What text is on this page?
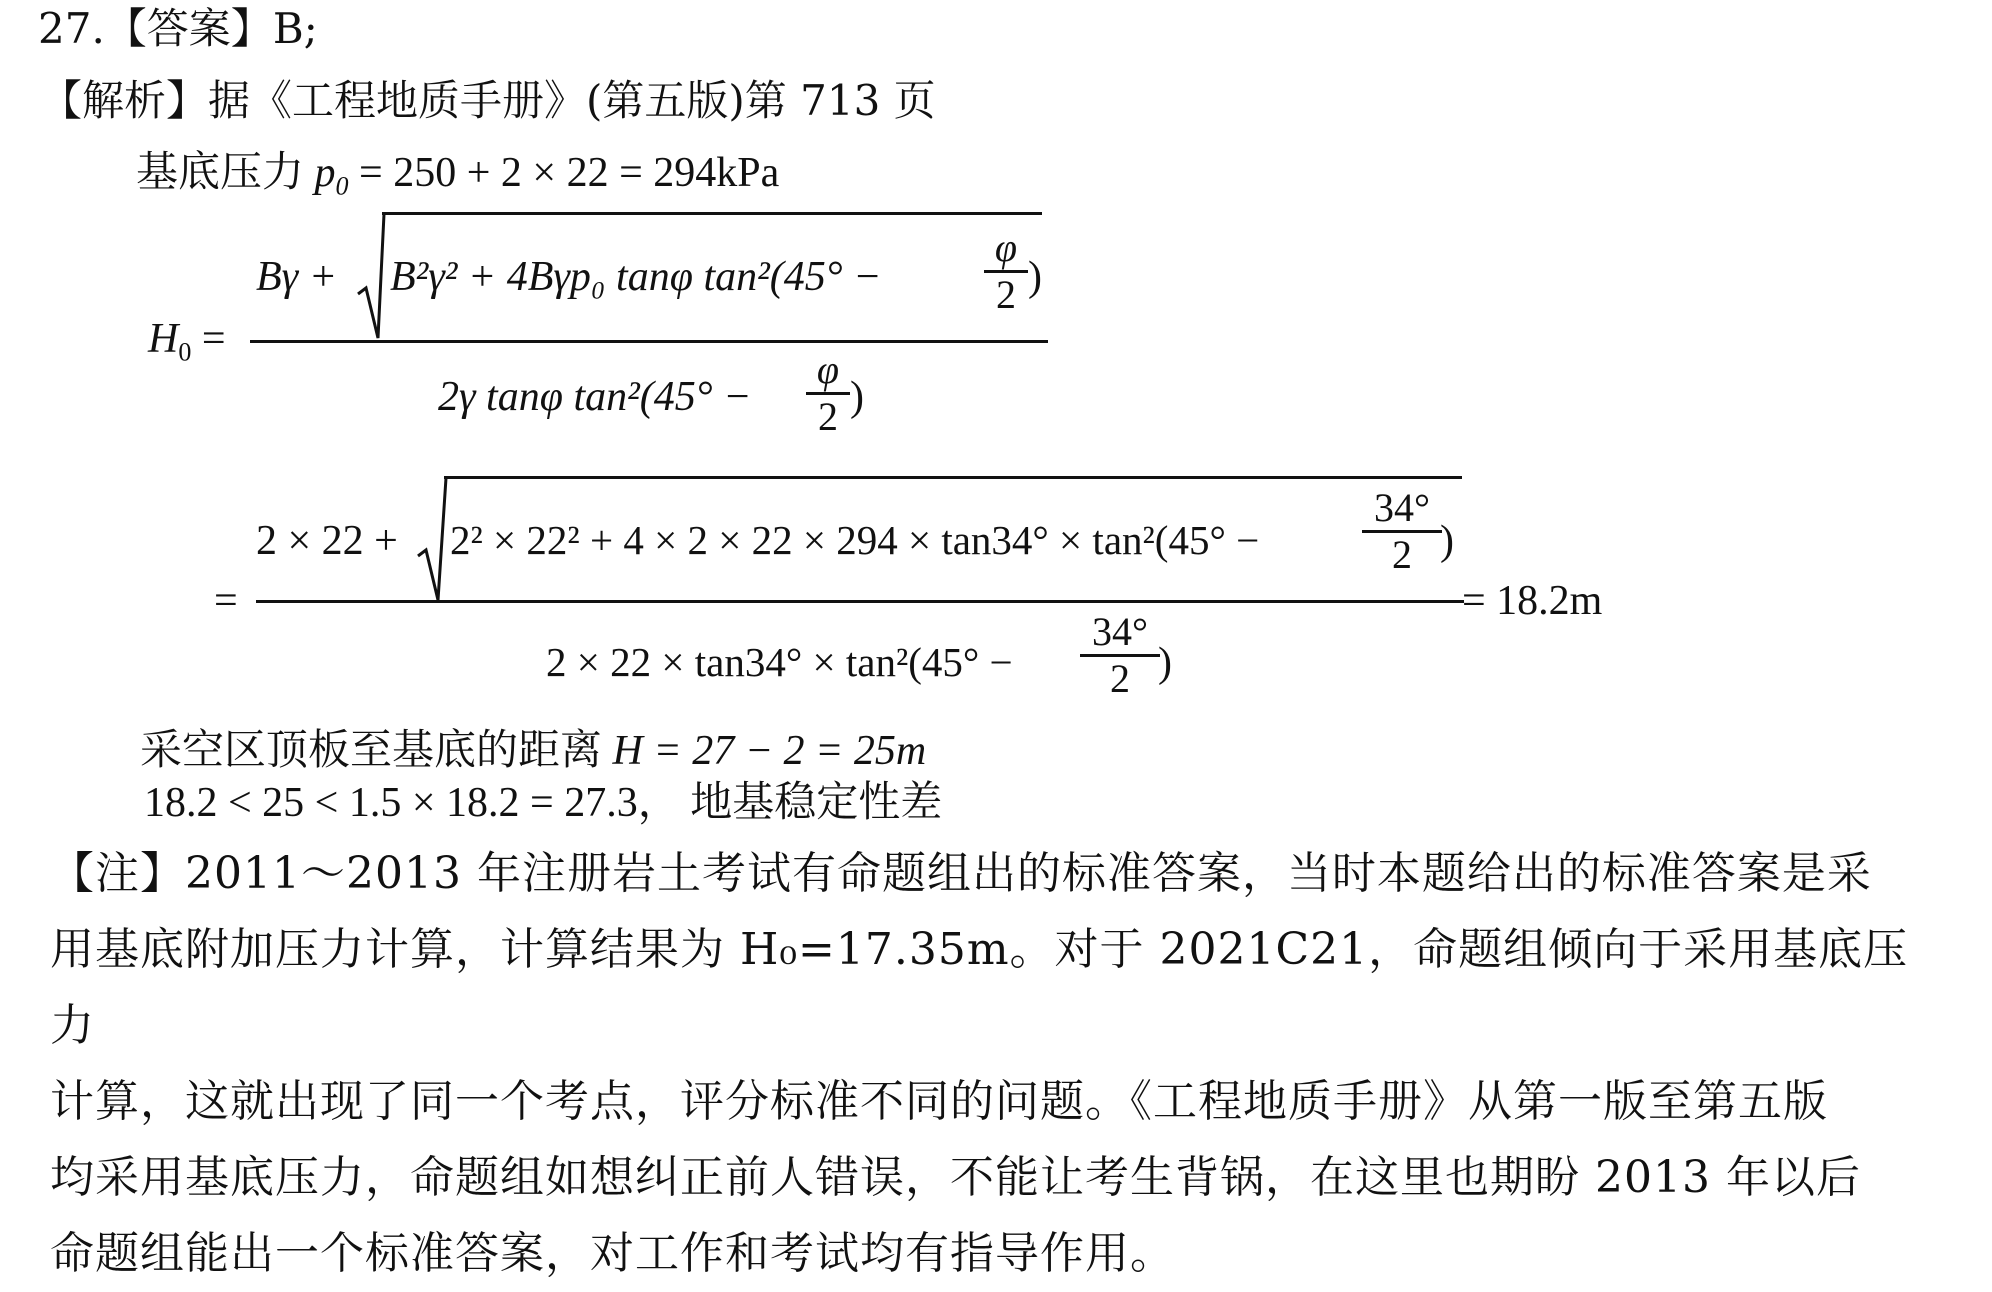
27.【答案】B;
【解析】据《工程地质手册》(第五版)第 713 页
基底压力 $p_0 = 250 + 2 \times 22 = 294kPa$
$H_0$ =
Bγ + B²γ² + 4Bγp₀ tanφ tan²(45° −
φ
2 )
2γ tanφ tan²(45° −
φ
2 )
=
2 × 22 + 2² × 22² + 4 × 2 × 22 × 294 × tan34° × tan²(45° −
34°
2 )
= 18.2m
2 × 22 × tan34° × tan²(45° −
34°
2 )
采空区顶板至基底的距离 H = 27 − 2 = 25m
18.2 < 25 < 1.5 × 18.2 = 27.3， 地基稳定性差

【注】2011～2013 年注册岩土考试有命题组出的标准答案，当时本题给出的标准答案是采

用基底附加压力计算，计算结果为 H₀=17.35m。对于 2021C21，命题组倾向于采用基底压力

计算，这就出现了同一个考点，评分标准不同的问题。《工程地质手册》从第一版至第五版

均采用基底压力，命题组如想纠正前人错误，不能让考生背锅，在这里也期盼 2013 年以后

命题组能出一个标准答案，对工作和考试均有指导作用。
